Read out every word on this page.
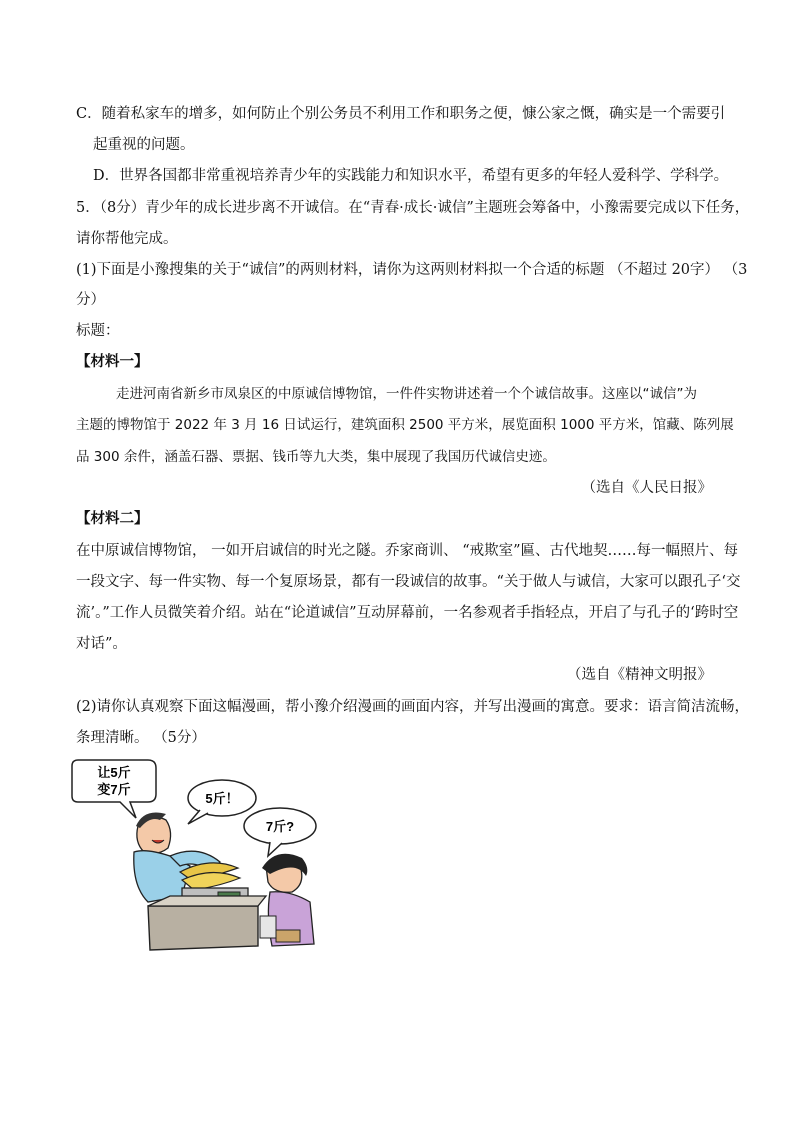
C．随着私家车的增多，如何防止个别公务员不利用工作和职务之便，慷公家之慨，确实是一个需要引
起重视的问题。
D．世界各国都非常重视培养青少年的实践能力和知识水平，希望有更多的年轻人爱科学、学科学。
5．（8分）青少年的成长进步离不开诚信。在“青春·成长·诚信”主题班会筹备中，小豫需要完成以下任务，
请你帮他完成。
(1)下面是小豫搜集的关于“诚信”的两则材料，请你为这两则材料拟一个合适的标题 （不超过 20字） （3
分）
标题：
【材料一】
走进河南省新乡市凤泉区的中原诚信博物馆，一件件实物讲述着一个个诚信故事。这座以“诚信”为
主题的博物馆于 2022 年 3 月 16 日试运行，建筑面积 2500 平方米，展览面积 1000 平方米，馆藏、陈列展
品 300 余件，涵盖石器、票据、钱币等九大类，集中展现了我国历代诚信史迹。
（选自《人民日报》
【材料二】
在中原诚信博物馆， 一如开启诚信的时光之隧。乔家商训、 “戒欺室”匾、古代地契……每一幅照片、每
一段文字、每一件实物、每一个复原场景，都有一段诚信的故事。“关于做人与诚信，大家可以跟孔子‘交
流’。”工作人员微笑着介绍。站在“论道诚信”互动屏幕前，一名参观者手指轻点，开启了与孔子的‘跨时空
对话”。
（选自《精神文明报》
(2)请你认真观察下面这幅漫画，帮小豫介绍漫画的画面内容，并写出漫画的寓意。要求：语言简洁流畅，
条理清晰。 （5分）
让5斤
变7斤
5斤！
7斤?
